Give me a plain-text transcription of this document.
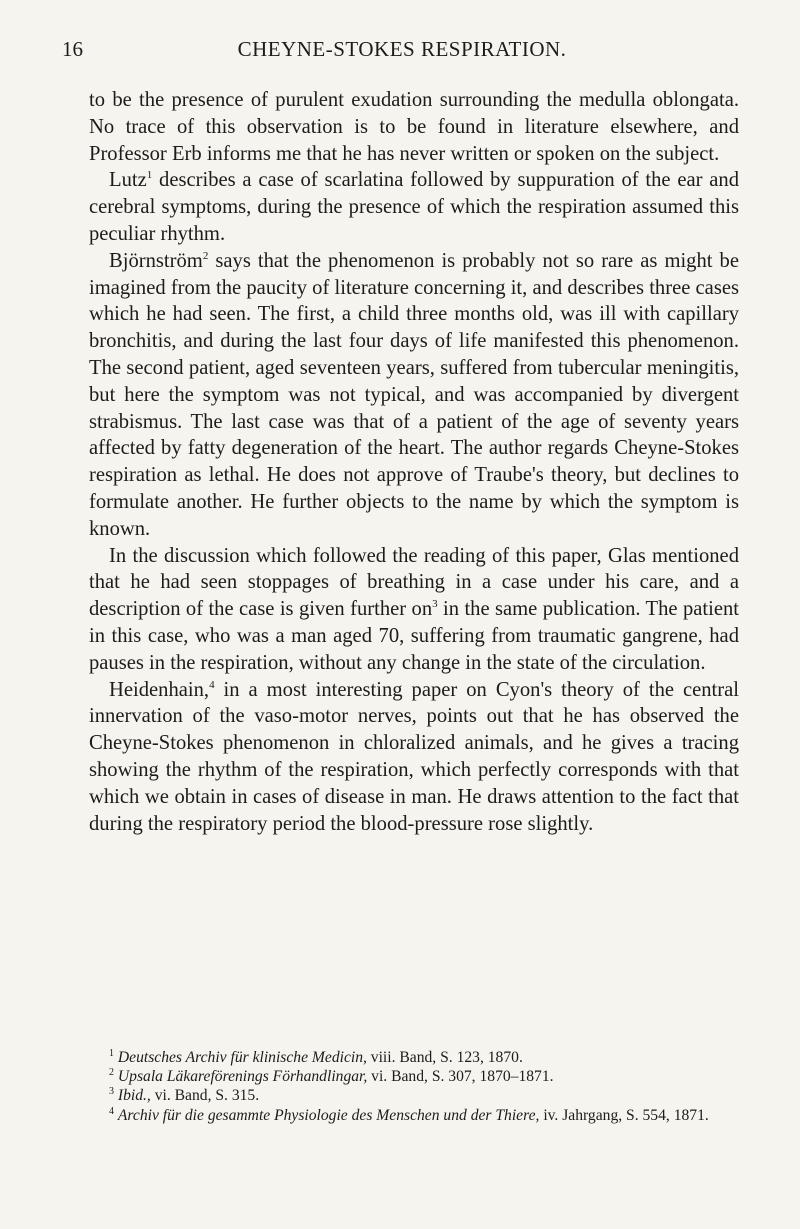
16	CHEYNE-STOKES RESPIRATION.

to be the presence of purulent exudation surrounding the medulla oblongata. No trace of this observation is to be found in literature elsewhere, and Professor Erb informs me that he has never written or spoken on the subject.

Lutz$^1$ describes a case of scarlatina followed by suppuration of the ear and cerebral symptoms, during the presence of which the respiration assumed this peculiar rhythm.

Björnström$^2$ says that the phenomenon is probably not so rare as might be imagined from the paucity of literature concerning it, and describes three cases which he had seen. The first, a child three months old, was ill with capillary bronchitis, and during the last four days of life manifested this phenomenon. The second patient, aged seventeen years, suffered from tubercular meningitis, but here the symptom was not typical, and was accompanied by divergent strabismus. The last case was that of a patient of the age of seventy years affected by fatty degeneration of the heart. The author regards Cheyne-Stokes respiration as lethal. He does not approve of Traube's theory, but declines to formulate another. He further objects to the name by which the symptom is known.

In the discussion which followed the reading of this paper, Glas mentioned that he had seen stoppages of breathing in a case under his care, and a description of the case is given further $on^3$ in the same publication. The patient in this case, who was a man aged 70, suffering from traumatic gangrene, had pauses in the respiration, without any change in the state of the circulation.

Heidenhain,$^4$ in a most interesting paper on Cyon's theory of the central innervation of the vaso-motor nerves, points out that he has observed the Cheyne-Stokes phenomenon in chloralized animals, and he gives a tracing showing the rhythm of the respiration, which perfectly corresponds with that which we obtain in cases of disease in man. He draws attention to the fact that during the respiratory period the blood-pressure rose slightly.

$^1$ Deutsches Archiv für klinische Medicin, viii. Band, S. 123, 1870.

$^2$ Upsala Läkareförenings Förhandlingar, vi. Band, S. 307, 1870–1871.

$^3$ Ibid., vi. Band, S. 315.

$^4$ Archiv für die gesammte Physiologie des Menschen und der Thiere, iv. Jahrgang, S. 554, 1871.
